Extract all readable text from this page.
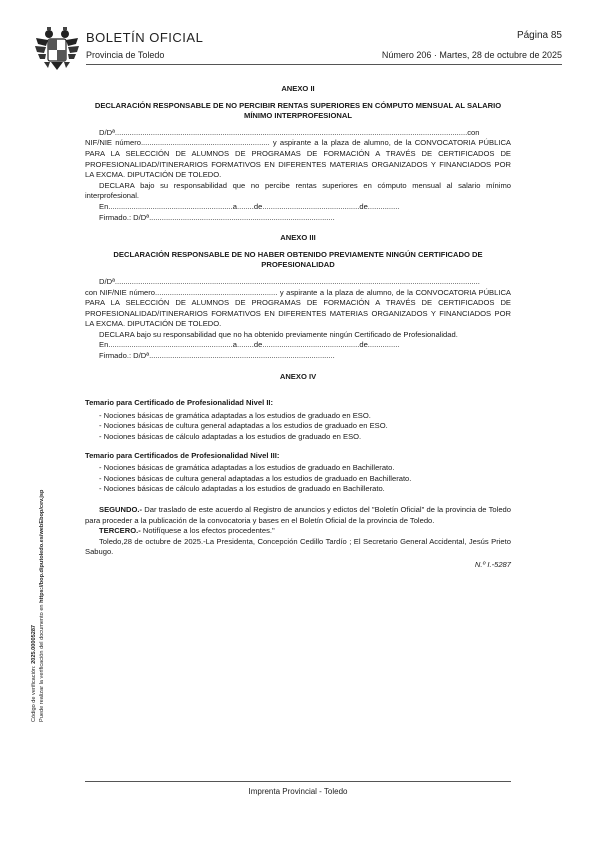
BOLETÍN OFICIAL
Provincia de Toledo
Página 85
Número 206 · Martes, 28 de octubre de 2025

ANEXO II

DECLARACIÓN RESPONSABLE DE NO PERCIBIR RENTAS SUPERIORES EN CÓMPUTO MENSUAL AL SALARIO MÍNIMO INTERPROFESIONAL

D/Dª.......................................................................................................................................................................con

NIF/NIE número............................................................. y aspirante a la plaza de alumno, de la CONVOCATORIA PÚBLICA PARA LA SELECCIÓN DE ALUMNOS DE PROGRAMAS DE FORMACIÓN A TRAVÉS DE CERTIFICADOS DE PROFESIONALIDAD/ITINERARIOS FORMATIVOS EN DIFERENTES MATERIAS ORGANIZADOS Y FINANCIADOS POR LA EXCMA. DIPUTACIÓN DE TOLEDO.

DECLARA bajo su responsabilidad que no percibe rentas superiores en cómputo mensual al salario mínimo interprofesional.

En...........................................................a........de..............................................de...............

Firmado.: D/Dª........................................................................................

ANEXO III

DECLARACIÓN RESPONSABLE DE NO HABER OBTENIDO PREVIAMENTE NINGÚN CERTIFICADO DE PROFESIONALIDAD

D/Dª.............................................................................................................................................................................

con NIF/NIE número.......................................................... y aspirante a la plaza de alumno, de la CONVOCATORIA PÚBLICA PARA LA SELECCIÓN DE ALUMNOS DE PROGRAMAS DE FORMACIÓN A TRAVÉS DE CERTIFICADOS DE PROFESIONALIDAD/ITINERARIOS FORMATIVOS EN DIFERENTES MATERIAS ORGANIZADOS Y FINANCIADOS POR LA EXCMA. DIPUTACIÓN DE TOLEDO.

DECLARA bajo su responsabilidad que no ha obtenido previamente ningún Certificado de Profesionalidad.

En...........................................................a........de..............................................de...............

Firmado.: D/Dª........................................................................................

ANEXO IV

Temario para Certificado de Profesionalidad Nivel II:

- Nociones básicas de gramática adaptadas a los estudios de graduado en ESO.

- Nociones básicas de cultura general adaptadas a los estudios de graduado en ESO.

- Nociones básicas de cálculo adaptadas a los estudios de graduado en ESO.

Temario para Certificados de Profesionalidad Nivel III:

- Nociones básicas de gramática adaptadas a los estudios de graduado en Bachillerato.

- Nociones básicas de cultura general adaptadas a los estudios de graduado en Bachillerato.

- Nociones básicas de cálculo adaptadas a los estudios de graduado en Bachillerato.

SEGUNDO.- Dar traslado de este acuerdo al Registro de anuncios y edictos del "Boletín Oficial" de la provincia de Toledo para proceder a la publicación de la convocatoria y bases en el Boletín Oficial de la provincia de Toledo.

TERCERO.- Notifíquese a los efectos procedentes."

Toledo,28 de octubre de 2025.-La Presidenta, Concepción Cedillo Tardío ; El Secretario General Accidental, Jesús Prieto Sabugo.

N.º I.-5287

Código de verificación: 2025.00005287 Puede realizar la verificación del documento en https://bop.diputoledo.es/webEbop/cev.jsp
Imprenta Provincial - Toledo
